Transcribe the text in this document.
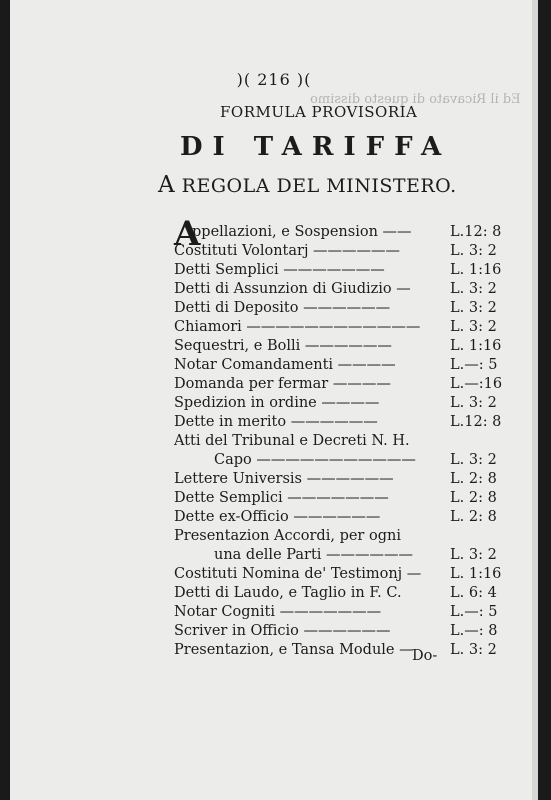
Ed il Ricavato di questo dissimo
)( 216 )(
FORMULA PROVISORIA
DI TARIFFA
A REGOLA DEL MINISTERO.
A
ppellazioni, e Sospension ——	L.12: 8
Costituti Volontarj ——————	L. 3: 2
Detti Semplici ———————	L. 1:16
Detti di Assunzion di Giudizio —	L. 3: 2
Detti di Deposito ——————	L. 3: 2
Chiamori ———————————— L. 3: 2
Sequestri, e Bolli ——————	L. 1:16
Notar Comandamenti ————	L.—: 5
Domanda per fermar ————	L.—:16
Spedizion in ordine ————	L. 3: 2
Dette in merito ——————	L.12: 8
Atti del Tribunal e Decreti N. H.
Capo ——————————— L. 3: 2
Lettere Universis ——————	L. 2: 8
Dette Semplici ———————	L. 2: 8
Dette ex-Officio ——————	L. 2: 8
Presentazion Accordi, per ogni
una delle Parti ——————	L. 3: 2
Costituti Nomina de' Testimonj — L. 1:16
Detti di Laudo, e Taglio in F. C.	L. 6: 4
Notar Cogniti ———————	L.—: 5
Scriver in Officio ——————	L.—: 8
Presentazion, e Tansa Module —	L. 3: 2
Do-
